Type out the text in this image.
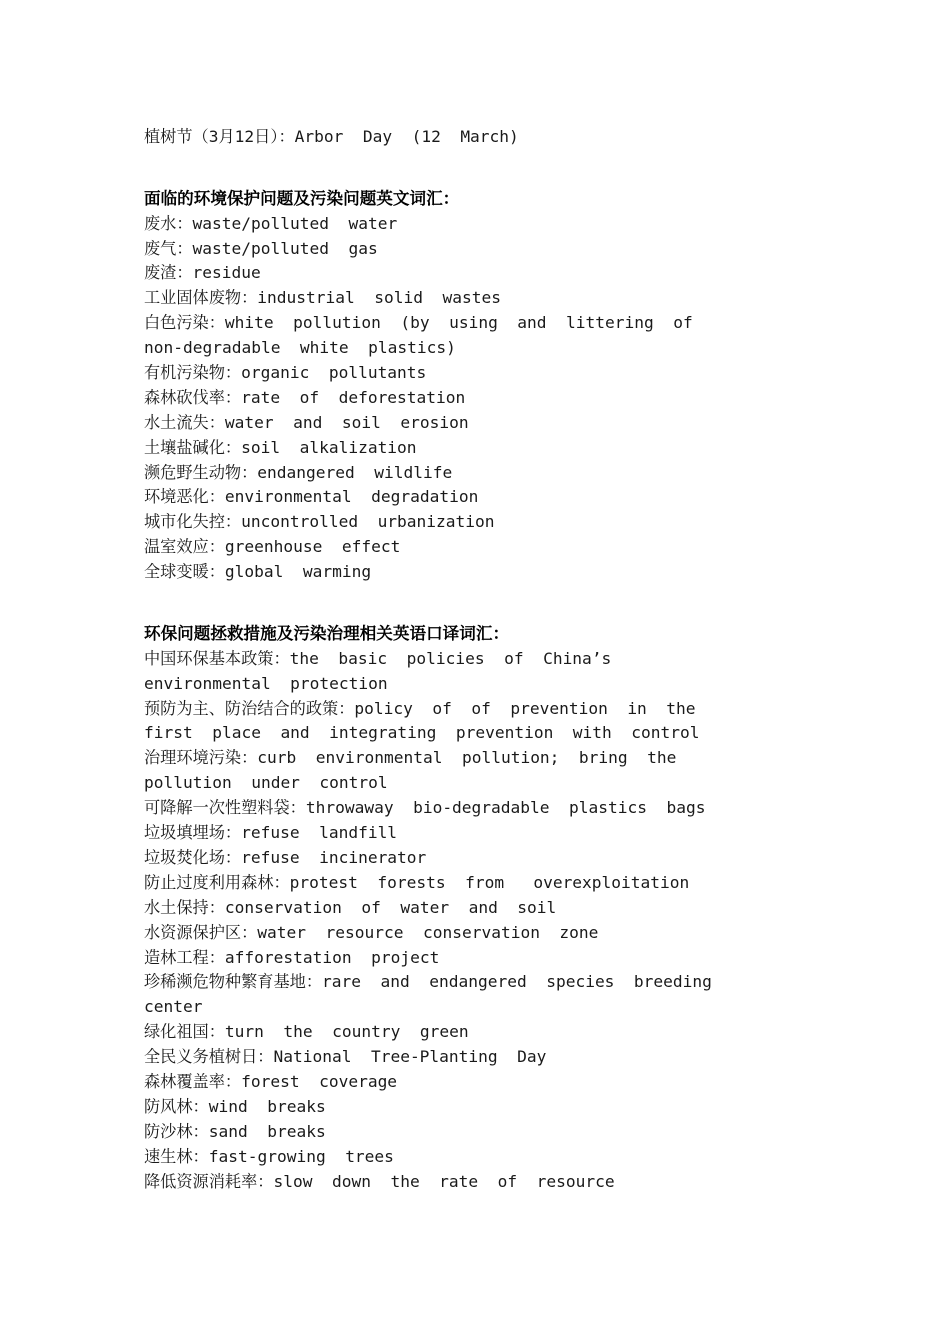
植树节（3月12日）：Arbor  Day  (12  March)
面临的环境保护问题及污染问题英文词汇：
废水：waste/polluted  water
废气：waste/polluted  gas
废渣：residue
工业固体废物：industrial  solid  wastes
白色污染：white  pollution  (by  using  and  littering  of
non-degradable  white  plastics)
有机污染物：organic  pollutants
森林砍伐率：rate  of  deforestation
水土流失：water  and  soil  erosion
土壤盐碱化：soil  alkalization
濒危野生动物：endangered  wildlife
环境恶化：environmental  degradation
城市化失控：uncontrolled  urbanization
温室效应：greenhouse  effect
全球变暖：global  warming
环保问题拯救措施及污染治理相关英语口译词汇：
中国环保基本政策：the  basic  policies  of  China’s
environmental  protection
预防为主、防治结合的政策：policy  of  of  prevention  in  the
first  place  and  integrating  prevention  with  control
治理环境污染：curb  environmental  pollution;  bring  the
pollution  under  control
可降解一次性塑料袋：throwaway  bio-degradable  plastics  bags
垃圾填埋场：refuse  landfill
垃圾焚化场：refuse  incinerator
防止过度利用森林：protest  forests  from   overexploitation
水土保持：conservation  of  water  and  soil
水资源保护区：water  resource  conservation  zone
造林工程：afforestation  project
珍稀濒危物种繁育基地：rare  and  endangered  species  breeding
center
绿化祖国：turn  the  country  green
全民义务植树日：National  Tree-Planting  Day
森林覆盖率：forest  coverage
防风林：wind  breaks
防沙林：sand  breaks
速生林：fast-growing  trees
降低资源消耗率：slow  down  the  rate  of  resource
